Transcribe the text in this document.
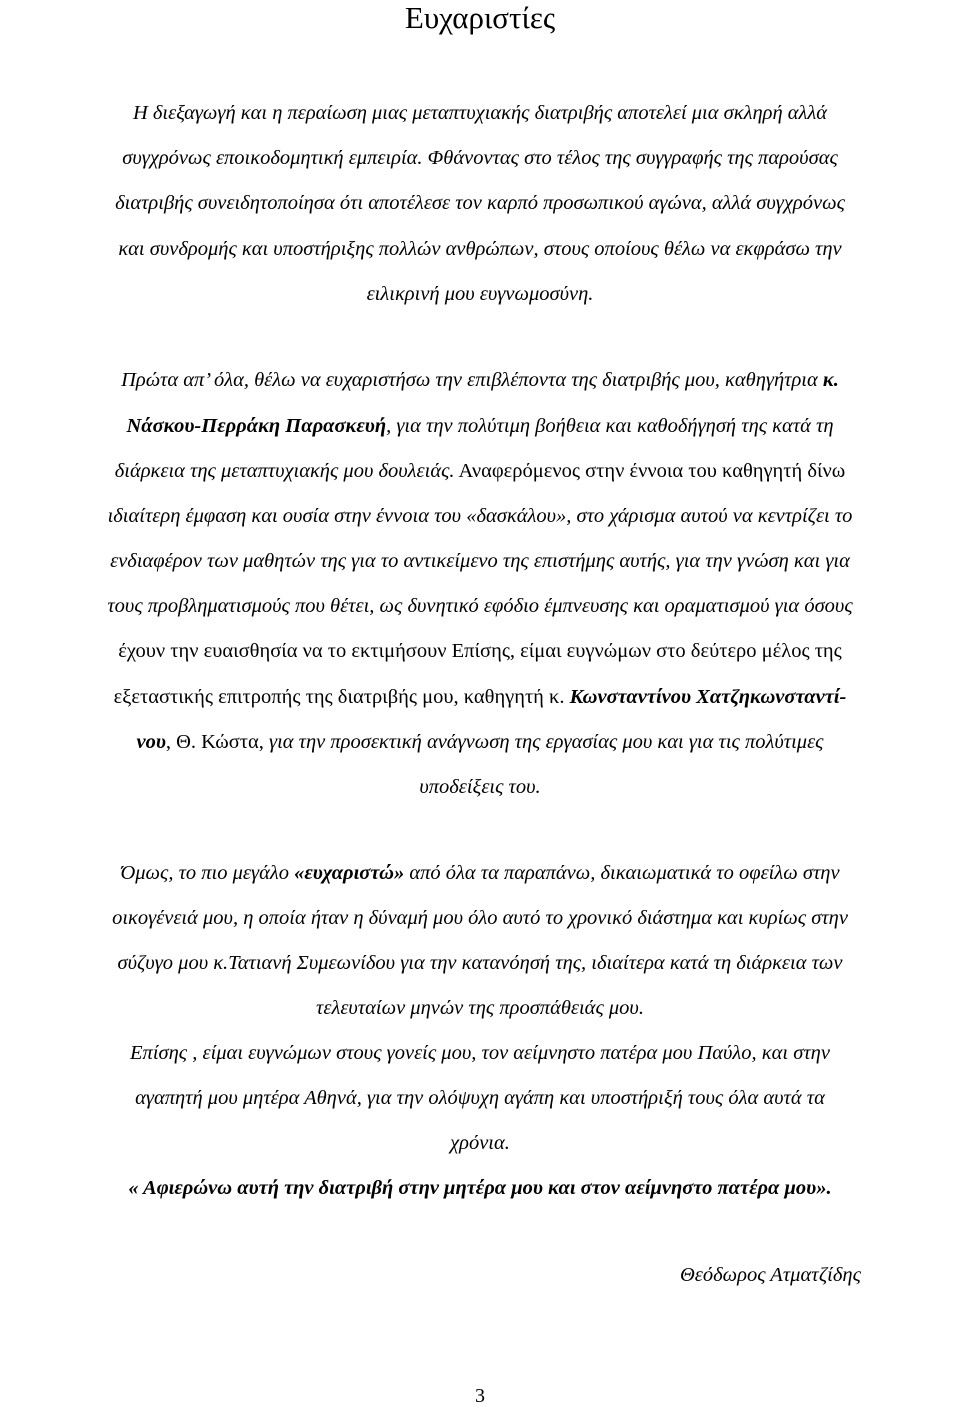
Ευχαριστίες
Η διεξαγωγή και η περαίωση μιας μεταπτυχιακής διατριβής αποτελεί μια σκληρή αλλά
συγχρόνως εποικοδομητική εμπειρία. Φθάνοντας στο τέλος της συγγραφής της παρούσας
διατριβής συνειδητοποίησα ότι αποτέλεσε τον καρπό προσωπικού αγώνα, αλλά συγχρόνως
και συνδρομής και υποστήριξης πολλών ανθρώπων, στους οποίους θέλω να εκφράσω την
ειλικρινή μου ευγνωμοσύνη.
Πρώτα απ’ όλα, θέλω να ευχαριστήσω την επιβλέποντα της διατριβής μου, καθηγήτρια κ.
Νάσκου-Περράκη Παρασκευή, για την πολύτιμη βοήθεια και καθοδήγησή της κατά τη
διάρκεια της μεταπτυχιακής μου δουλειάς. Αναφερόμενος στην έννοια του καθηγητή δίνω
ιδιαίτερη έμφαση και ουσία στην έννοια του «δασκάλου», στο χάρισμα αυτού να κεντρίζει το
ενδιαφέρον των μαθητών της για το αντικείμενο της επιστήμης αυτής, για την γνώση και για
τους προβληματισμούς που θέτει, ως δυνητικό εφόδιο έμπνευσης και οραματισμού για όσους
έχουν την ευαισθησία να το εκτιμήσουν Επίσης, είμαι ευγνώμων στο δεύτερο μέλος της
εξεταστικής επιτροπής της διατριβής μου, καθηγητή κ. Κωνσταντίνου Χατζηκωνσταντί-
νου, Θ. Κώστα, για την προσεκτική ανάγνωση της εργασίας μου και για τις πολύτιμες
υποδείξεις του.
Όμως, το πιο μεγάλο «ευχαριστώ» από όλα τα παραπάνω, δικαιωματικά το οφείλω στην
οικογένειά μου, η οποία ήταν η δύναμή μου όλο αυτό το χρονικό διάστημα και κυρίως στην
σύζυγο μου κ.Τατιανή Συμεωνίδου για την κατανόησή της, ιδιαίτερα κατά τη διάρκεια των
τελευταίων μηνών της προσπάθειάς μου.
Επίσης , είμαι ευγνώμων στους γονείς μου, τον αείμνηστο πατέρα μου Παύλο, και στην
αγαπητή μου μητέρα Αθηνά, για την ολόψυχη αγάπη και υποστήριξή τους όλα αυτά τα
χρόνια.
« Αφιερώνω αυτή την διατριβή στην μητέρα μου και στον αείμνηστο πατέρα μου».
Θεόδωρος Ατματζίδης
3
